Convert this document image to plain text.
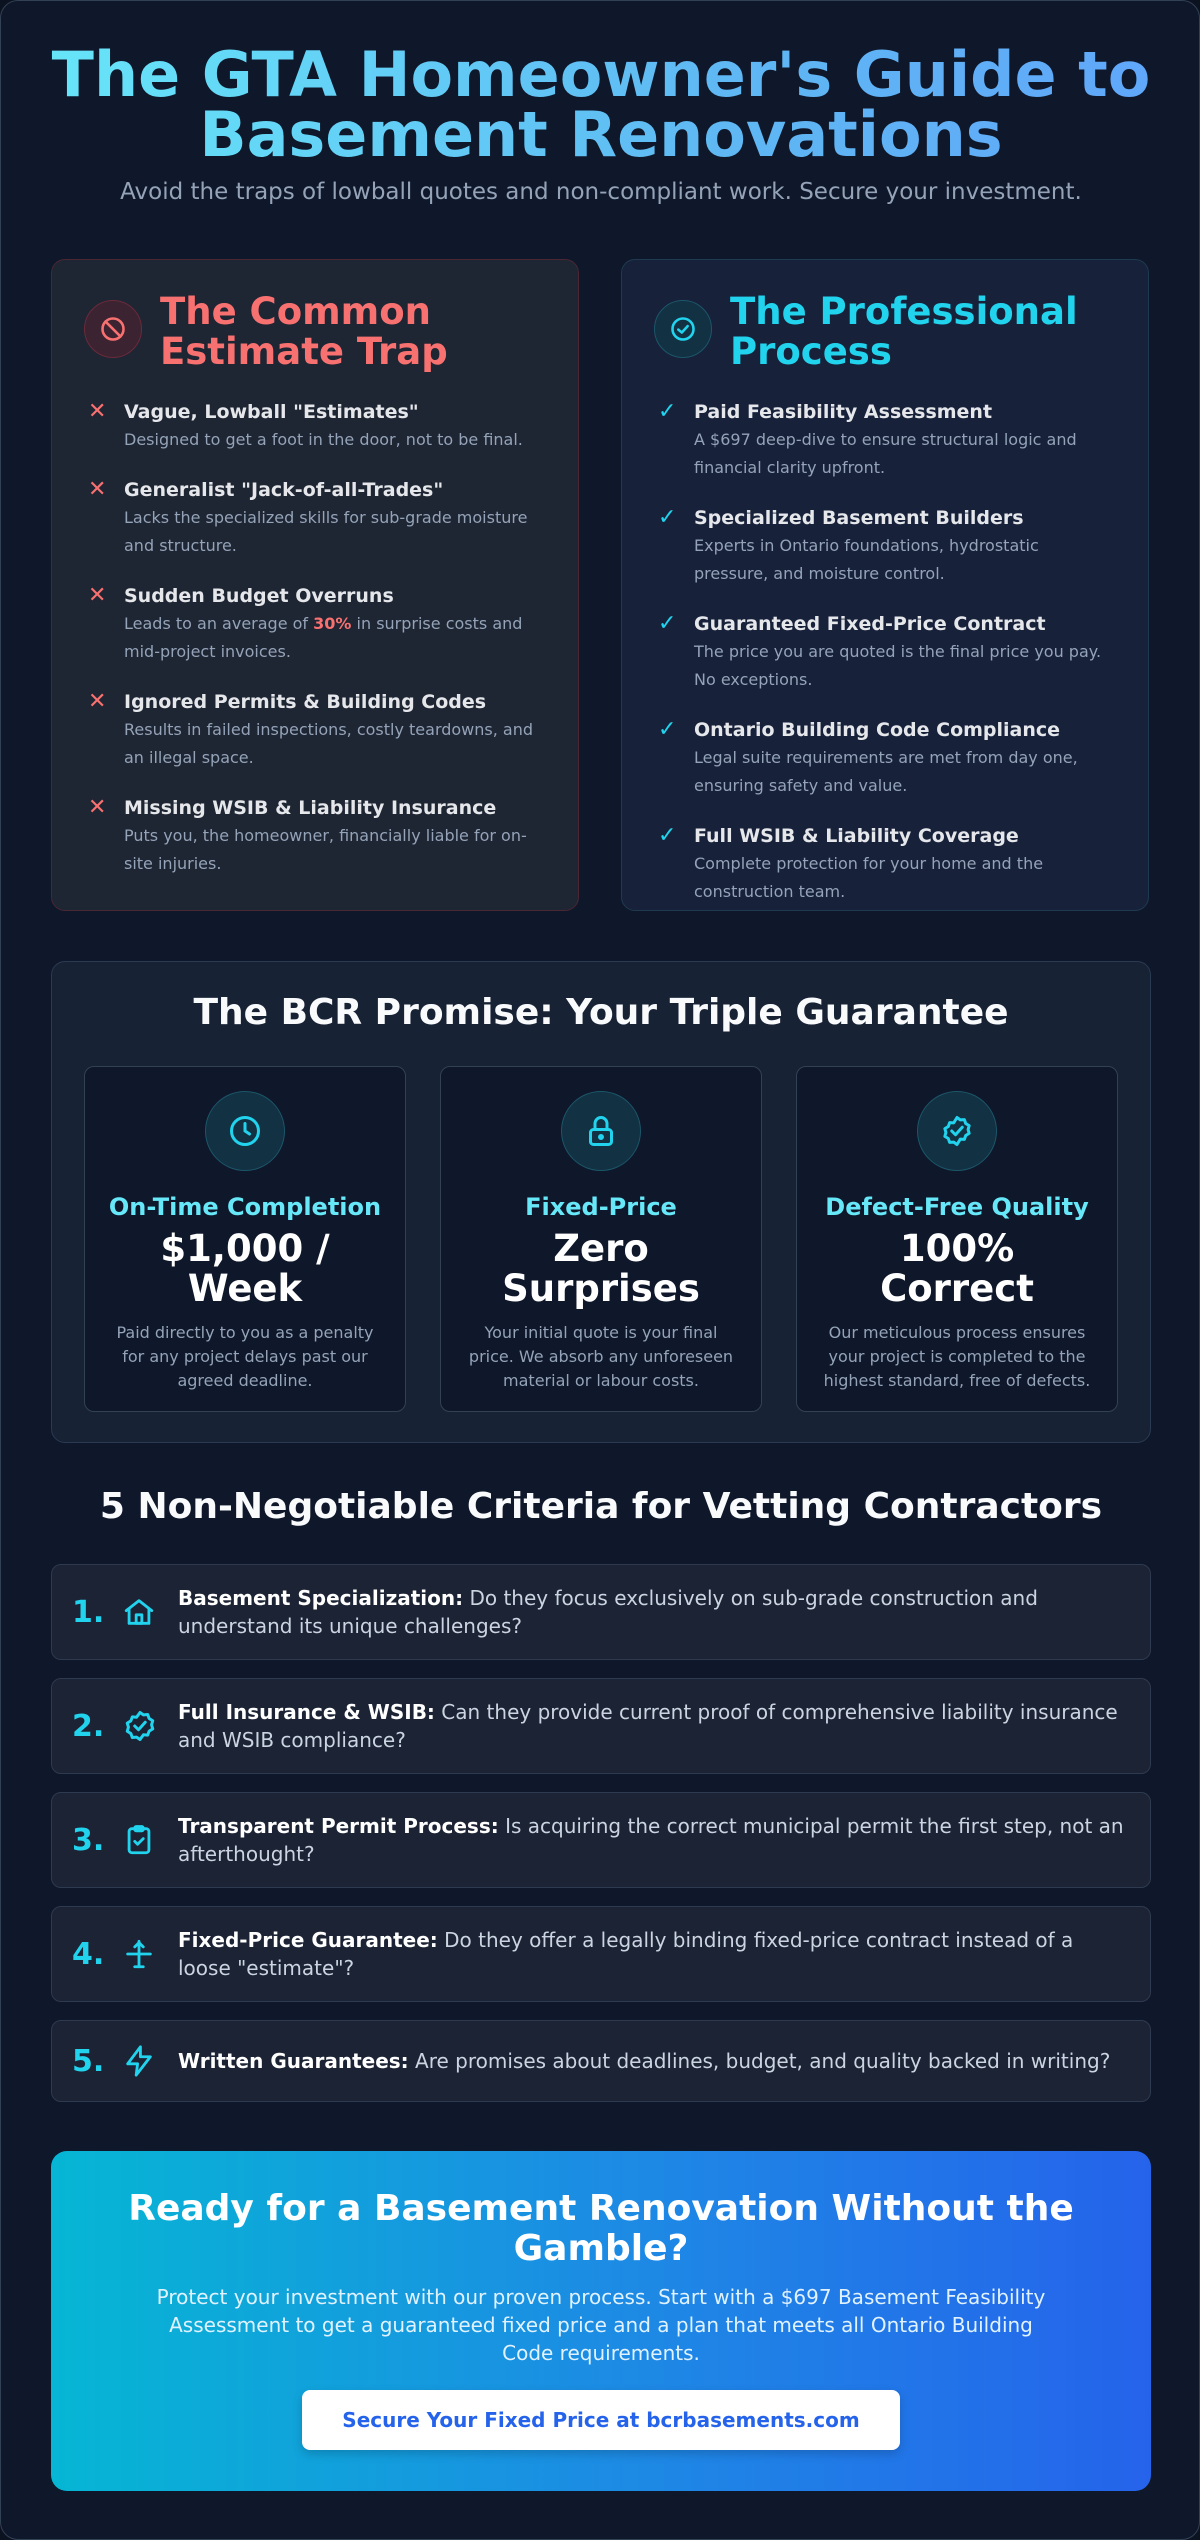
The GTA Homeowner's Guide to
Basement Renovations
Avoid the traps of lowball quotes and non-compliant work. Secure your investment.
The Common Estimate Trap
✕ Vague, Lowball "Estimates"
Designed to get a foot in the door, not to be final.
✕ Generalist "Jack-of-all-Trades"
Lacks the specialized skills for sub-grade moisture and structure.
✕ Sudden Budget Overruns
Leads to an average of 30% in surprise costs and mid-project invoices.
✕ Ignored Permits & Building Codes
Results in failed inspections, costly teardowns, and an illegal space.
✕ Missing WSIB & Liability Insurance
Puts you, the homeowner, financially liable for on-site injuries.
The Professional Process
✓ Paid Feasibility Assessment
A $697 deep-dive to ensure structural logic and financial clarity upfront.
✓ Specialized Basement Builders
Experts in Ontario foundations, hydrostatic pressure, and moisture control.
✓ Guaranteed Fixed-Price Contract
The price you are quoted is the final price you pay. No exceptions.
✓ Ontario Building Code Compliance
Legal suite requirements are met from day one, ensuring safety and value.
✓ Full WSIB & Liability Coverage
Complete protection for your home and the construction team.
The BCR Promise: Your Triple Guarantee
On-Time Completion
$1,000 / Week
Paid directly to you as a penalty for any project delays past our agreed deadline.
Fixed-Price
Zero Surprises
Your initial quote is your final price. We absorb any unforeseen material or labour costs.
Defect-Free Quality
100% Correct
Our meticulous process ensures your project is completed to the highest standard, free of defects.
5 Non-Negotiable Criteria for Vetting Contractors
1.	Basement Specialization: Do they focus exclusively on sub-grade construction and understand its unique challenges?
2.	Full Insurance & WSIB: Can they provide current proof of comprehensive liability insurance and WSIB compliance?
3.	Transparent Permit Process: Is acquiring the correct municipal permit the first step, not an afterthought?
4.	Fixed-Price Guarantee: Do they offer a legally binding fixed-price contract instead of a loose "estimate"?
5.	Written Guarantees: Are promises about deadlines, budget, and quality backed in writing?
Ready for a Basement Renovation Without the Gamble?
Protect your investment with our proven process. Start with a $697 Basement Feasibility Assessment to get a guaranteed fixed price and a plan that meets all Ontario Building Code requirements.
Secure Your Fixed Price at bcrbasements.com
